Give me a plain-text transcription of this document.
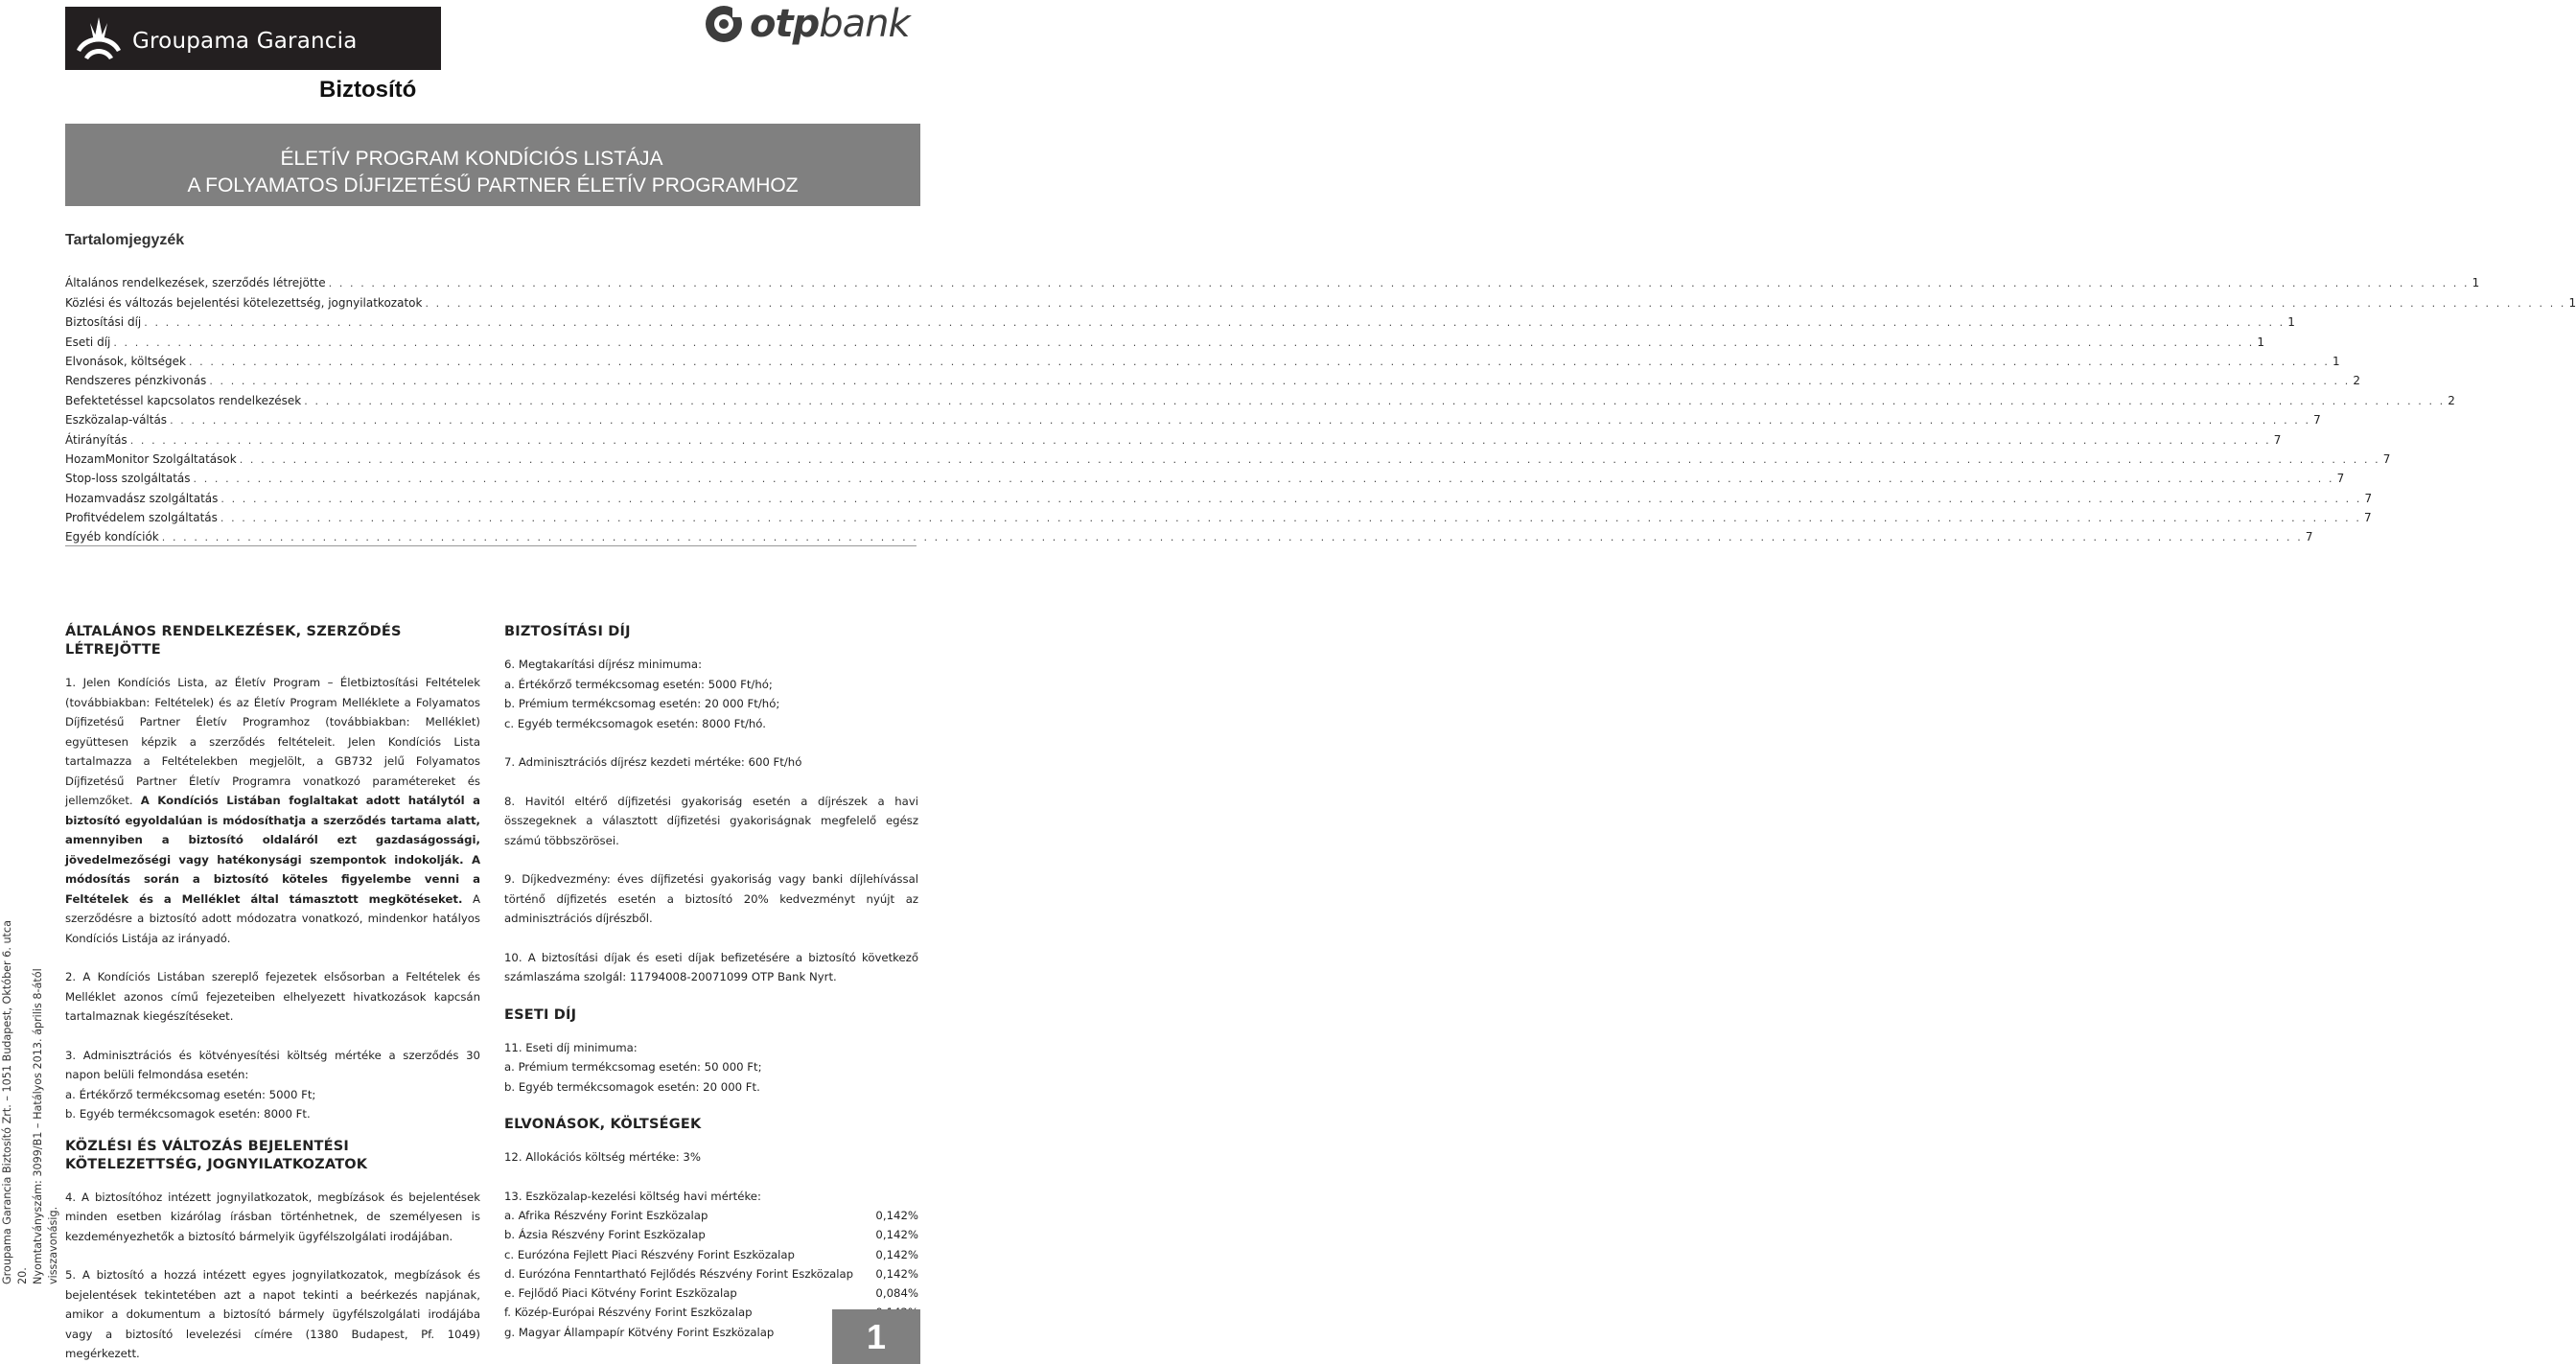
Groupama Garancia	otpbank
Biztosító
ÉLETÍV PROGRAM KONDÍCIÓS LISTÁJA
A FOLYAMATOS DÍJFIZETÉSŰ PARTNER ÉLETÍV PROGRAMHOZ
Tartalomjegyzék
Általános rendelkezések, szerződés létrejötte . . . . . . . . . . . . . . . . . . . . . . . . . . . . . . . . . . . . . . . . . . . . . . . . . . . . . . . . . . . . . . . . . . . . . . . . . . . . . . . . . . . . . . . . . . . . . . . . . . . . . . . . . . . . . . . . . . . . . . . . . . . . . . . . . . . . . . . . . . . . . . . . . . . . . . . . . . . . . . . . . . . . . . . . . . . . . . . . . . . . . . . . . . . . . . . . . . . . . . . . 1
Közlési és változás bejelentési kötelezettség, jognyilatkozatok . . . . . . . . . . . . . . . . . . . . . . . . . . . . . . . . . . . . . . . . . . . . . . . . . . . . . . . . . . . . . . . . . . . . . . . . . . . . . . . . . . . . . . . . . . . . . . . . . . . . . . . . . . . . . . . . . . . . . . . . . . . . . . . . . . . . . . . . . . . . . . . . . . . . . . . . . . . . . . . . . . . . . . . . . . . . . . . . . . . . . . . . . . . . . . . . . . . . . . . . 1
Biztosítási díj . . . . . . . . . . . . . . . . . . . . . . . . . . . . . . . . . . . . . . . . . . . . . . . . . . . . . . . . . . . . . . . . . . . . . . . . . . . . . . . . . . . . . . . . . . . . . . . . . . . . . . . . . . . . . . . . . . . . . . . . . . . . . . . . . . . . . . . . . . . . . . . . . . . . . . . . . . . . . . . . . . . . . . . . . . . . . . . . . . . . . . . . . . . . . . . . . . . . . . . . 1
Eseti díj . . . . . . . . . . . . . . . . . . . . . . . . . . . . . . . . . . . . . . . . . . . . . . . . . . . . . . . . . . . . . . . . . . . . . . . . . . . . . . . . . . . . . . . . . . . . . . . . . . . . . . . . . . . . . . . . . . . . . . . . . . . . . . . . . . . . . . . . . . . . . . . . . . . . . . . . . . . . . . . . . . . . . . . . . . . . . . . . . . . . . . . . . . . . . . . . . . . . . . . . 1
Elvonások, költségek . . . . . . . . . . . . . . . . . . . . . . . . . . . . . . . . . . . . . . . . . . . . . . . . . . . . . . . . . . . . . . . . . . . . . . . . . . . . . . . . . . . . . . . . . . . . . . . . . . . . . . . . . . . . . . . . . . . . . . . . . . . . . . . . . . . . . . . . . . . . . . . . . . . . . . . . . . . . . . . . . . . . . . . . . . . . . . . . . . . . . . . . . . . . . . . . . . . . . . . . 1
Rendszeres pénzkivonás . . . . . . . . . . . . . . . . . . . . . . . . . . . . . . . . . . . . . . . . . . . . . . . . . . . . . . . . . . . . . . . . . . . . . . . . . . . . . . . . . . . . . . . . . . . . . . . . . . . . . . . . . . . . . . . . . . . . . . . . . . . . . . . . . . . . . . . . . . . . . . . . . . . . . . . . . . . . . . . . . . . . . . . . . . . . . . . . . . . . . . . . . . . . . . . . . . . . . . . . 2
Befektetéssel kapcsolatos rendelkezések . . . . . . . . . . . . . . . . . . . . . . . . . . . . . . . . . . . . . . . . . . . . . . . . . . . . . . . . . . . . . . . . . . . . . . . . . . . . . . . . . . . . . . . . . . . . . . . . . . . . . . . . . . . . . . . . . . . . . . . . . . . . . . . . . . . . . . . . . . . . . . . . . . . . . . . . . . . . . . . . . . . . . . . . . . . . . . . . . . . . . . . . . . . . . . . . . . . . . . . . 2
Eszközalap-váltás . . . . . . . . . . . . . . . . . . . . . . . . . . . . . . . . . . . . . . . . . . . . . . . . . . . . . . . . . . . . . . . . . . . . . . . . . . . . . . . . . . . . . . . . . . . . . . . . . . . . . . . . . . . . . . . . . . . . . . . . . . . . . . . . . . . . . . . . . . . . . . . . . . . . . . . . . . . . . . . . . . . . . . . . . . . . . . . . . . . . . . . . . . . . . . . . . . . . . . . . 7
Átirányítás . . . . . . . . . . . . . . . . . . . . . . . . . . . . . . . . . . . . . . . . . . . . . . . . . . . . . . . . . . . . . . . . . . . . . . . . . . . . . . . . . . . . . . . . . . . . . . . . . . . . . . . . . . . . . . . . . . . . . . . . . . . . . . . . . . . . . . . . . . . . . . . . . . . . . . . . . . . . . . . . . . . . . . . . . . . . . . . . . . . . . . . . . . . . . . . . . . . . . . . . 7
HozamMonitor Szolgáltatások . . . . . . . . . . . . . . . . . . . . . . . . . . . . . . . . . . . . . . . . . . . . . . . . . . . . . . . . . . . . . . . . . . . . . . . . . . . . . . . . . . . . . . . . . . . . . . . . . . . . . . . . . . . . . . . . . . . . . . . . . . . . . . . . . . . . . . . . . . . . . . . . . . . . . . . . . . . . . . . . . . . . . . . . . . . . . . . . . . . . . . . . . . . . . . . . . . . . . . . . 7
Stop-loss szolgáltatás . . . . . . . . . . . . . . . . . . . . . . . . . . . . . . . . . . . . . . . . . . . . . . . . . . . . . . . . . . . . . . . . . . . . . . . . . . . . . . . . . . . . . . . . . . . . . . . . . . . . . . . . . . . . . . . . . . . . . . . . . . . . . . . . . . . . . . . . . . . . . . . . . . . . . . . . . . . . . . . . . . . . . . . . . . . . . . . . . . . . . . . . . . . . . . . . . . . . . . . . 7
Hozamvadász szolgáltatás . . . . . . . . . . . . . . . . . . . . . . . . . . . . . . . . . . . . . . . . . . . . . . . . . . . . . . . . . . . . . . . . . . . . . . . . . . . . . . . . . . . . . . . . . . . . . . . . . . . . . . . . . . . . . . . . . . . . . . . . . . . . . . . . . . . . . . . . . . . . . . . . . . . . . . . . . . . . . . . . . . . . . . . . . . . . . . . . . . . . . . . . . . . . . . . . . . . . . . . . 7
Profitvédelem szolgáltatás . . . . . . . . . . . . . . . . . . . . . . . . . . . . . . . . . . . . . . . . . . . . . . . . . . . . . . . . . . . . . . . . . . . . . . . . . . . . . . . . . . . . . . . . . . . . . . . . . . . . . . . . . . . . . . . . . . . . . . . . . . . . . . . . . . . . . . . . . . . . . . . . . . . . . . . . . . . . . . . . . . . . . . . . . . . . . . . . . . . . . . . . . . . . . . . . . . . . . . . . 7
Egyéb kondíciók . . . . . . . . . . . . . . . . . . . . . . . . . . . . . . . . . . . . . . . . . . . . . . . . . . . . . . . . . . . . . . . . . . . . . . . . . . . . . . . . . . . . . . . . . . . . . . . . . . . . . . . . . . . . . . . . . . . . . . . . . . . . . . . . . . . . . . . . . . . . . . . . . . . . . . . . . . . . . . . . . . . . . . . . . . . . . . . . . . . . . . . . . . . . . . . . . . . . . . . . 7
ÁLTALÁNOS RENDELKEZÉSEK, SZERZŐDÉS LÉTREJÖTTE
1. Jelen Kondíciós Lista, az Életív Program – Életbiztosítási Feltételek (továbbiakban: Feltételek) és az Életív Program Melléklete a Folyamatos Díjfizetésű Partner Életív Programhoz (továbbiakban: Melléklet) együttesen képzik a szerződés feltételeit. Jelen Kondíciós Lista tartalmazza a Feltételekben megjelölt, a GB732 jelű Folyamatos Díjfizetésű Partner Életív Programra vonatkozó paramétereket és jellemzőket. A Kondíciós Listában foglaltakat adott hatálytól a biztosító egyoldalúan is módosíthatja a szerződés tartama alatt, amennyiben a biztosító oldaláról ezt gazdaságossági, jövedelmezőségi vagy hatékonysági szempontok indokolják. A módosítás során a biztosító köteles figyelembe venni a Feltételek és a Melléklet által támasztott megkötéseket. A szerződésre a biztosító adott módozatra vonatkozó, mindenkor hatályos Kondíciós Listája az irányadó.
2. A Kondíciós Listában szereplő fejezetek elsősorban a Feltételek és Melléklet azonos című fejezeteiben elhelyezett hivatkozások kapcsán tartalmaznak kiegészítéseket.
3. Adminisztrációs és kötvényesítési költség mértéke a szerződés 30 napon belüli felmondása esetén:
a. Értékőrző termékcsomag esetén: 5000 Ft;
b. Egyéb termékcsomagok esetén: 8000 Ft.
KÖZLÉSI ÉS VÁLTOZÁS BEJELENTÉSI KÖTELEZETTSÉG, JOGNYILATKOZATOK
4. A biztosítóhoz intézett jognyilatkozatok, megbízások és bejelentések minden esetben kizárólag írásban történhetnek, de személyesen is kezdeményezhetők a biztosító bármelyik ügyfélszolgálati irodájában.
5. A biztosító a hozzá intézett egyes jognyilatkozatok, megbízások és bejelentések tekintetében azt a napot tekinti a beérkezés napjának, amikor a dokumentum a biztosító bármely ügyfélszolgálati irodájába vagy a biztosító levelezési címére (1380 Budapest, Pf. 1049) megérkezett.
BIZTOSÍTÁSI DÍJ
6. Megtakarítási díjrész minimuma:
a. Értékőrző termékcsomag esetén: 5000 Ft/hó;
b. Prémium termékcsomag esetén: 20 000 Ft/hó;
c. Egyéb termékcsomagok esetén: 8000 Ft/hó.
7. Adminisztrációs díjrész kezdeti mértéke: 600 Ft/hó
8. Havitól eltérő díjfizetési gyakoriság esetén a díjrészek a havi összegeknek a választott díjfizetési gyakoriságnak megfelelő egész számú többszörösei.
9. Díjkedvezmény: éves díjfizetési gyakoriság vagy banki díjlehívással történő díjfizetés esetén a biztosító 20% kedvezményt nyújt az adminisztrációs díjrészből.
10. A biztosítási díjak és eseti díjak befizetésére a biztosító következő számlaszáma szolgál: 11794008-20071099 OTP Bank Nyrt.
ESETI DÍJ
11. Eseti díj minimuma:
a. Prémium termékcsomag esetén: 50 000 Ft;
b. Egyéb termékcsomagok esetén: 20 000 Ft.
ELVONÁSOK, KÖLTSÉGEK
12. Allokációs költség mértéke: 3%
13. Eszközalap-kezelési költség havi mértéke:
a. Afrika Részvény Forint Eszközalap	0,142%
b. Ázsia Részvény Forint Eszközalap	0,142%
c. Eurózóna Fejlett Piaci Részvény Forint Eszközalap	0,142%
d. Eurózóna Fenntartható Fejlődés Részvény Forint Eszközalap	0,142%
e. Fejlődő Piaci Kötvény Forint Eszközalap	0,084%
f. Közép-Európai Részvény Forint Eszközalap	
g. Magyar Állampapír Kötvény Forint Eszközalap	
Groupama Garancia Biztosító Zrt. – 1051 Budapest, Október 6. utca 20. Nyomtatványszám: 3099/B1 – Hatályos 2013. április 8-ától visszavonásig.
1
